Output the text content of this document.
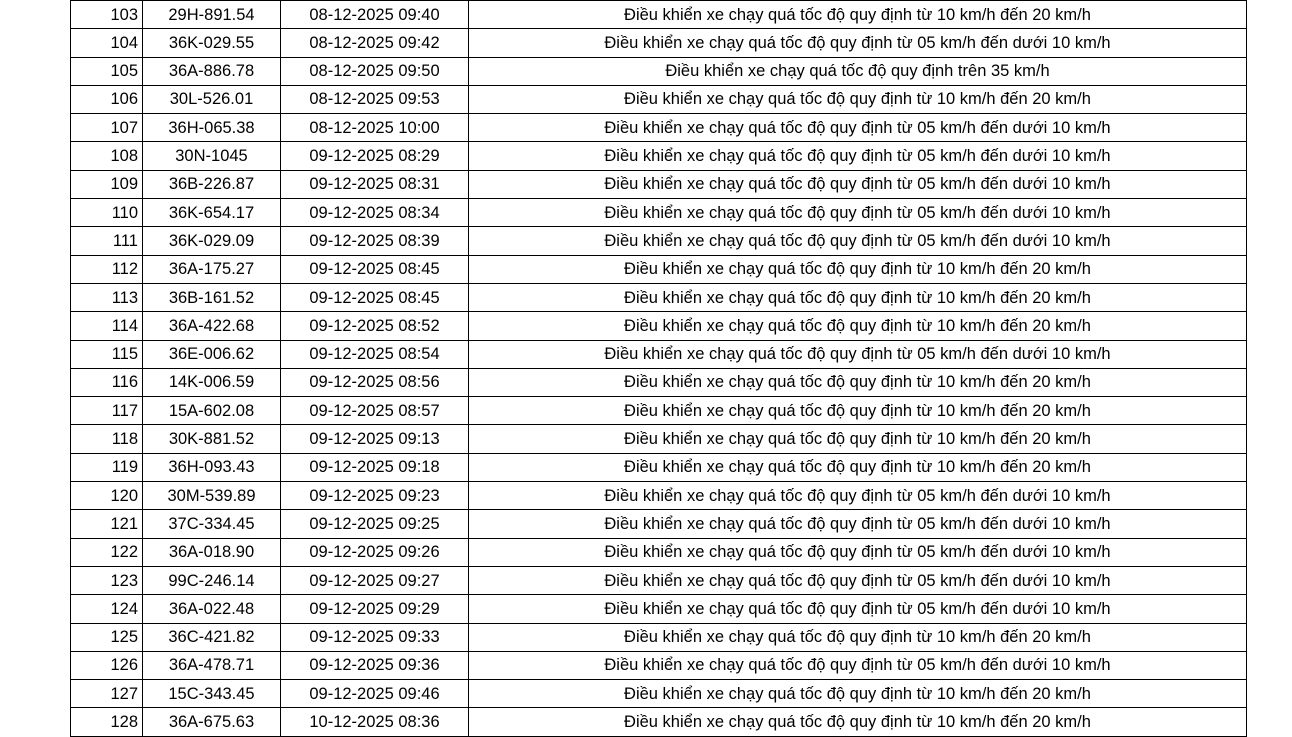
103	29H-891.54	08-12-2025 09:40	Điều khiển xe chạy quá tốc độ quy định từ 10 km/h đến 20 km/h
104	36K-029.55	08-12-2025 09:42	Điều khiển xe chạy quá tốc độ quy định từ 05 km/h đến dưới 10 km/h
105	36A-886.78	08-12-2025 09:50	Điều khiển xe chạy quá tốc độ quy định trên 35 km/h
106	30L-526.01	08-12-2025 09:53	Điều khiển xe chạy quá tốc độ quy định từ 10 km/h đến 20 km/h
107	36H-065.38	08-12-2025 10:00	Điều khiển xe chạy quá tốc độ quy định từ 05 km/h đến dưới 10 km/h
108	30N-1045	09-12-2025 08:29	Điều khiển xe chạy quá tốc độ quy định từ 05 km/h đến dưới 10 km/h
109	36B-226.87	09-12-2025 08:31	Điều khiển xe chạy quá tốc độ quy định từ 05 km/h đến dưới 10 km/h
110	36K-654.17	09-12-2025 08:34	Điều khiển xe chạy quá tốc độ quy định từ 05 km/h đến dưới 10 km/h
111	36K-029.09	09-12-2025 08:39	Điều khiển xe chạy quá tốc độ quy định từ 05 km/h đến dưới 10 km/h
112	36A-175.27	09-12-2025 08:45	Điều khiển xe chạy quá tốc độ quy định từ 10 km/h đến 20 km/h
113	36B-161.52	09-12-2025 08:45	Điều khiển xe chạy quá tốc độ quy định từ 10 km/h đến 20 km/h
114	36A-422.68	09-12-2025 08:52	Điều khiển xe chạy quá tốc độ quy định từ 10 km/h đến 20 km/h
115	36E-006.62	09-12-2025 08:54	Điều khiển xe chạy quá tốc độ quy định từ 05 km/h đến dưới 10 km/h
116	14K-006.59	09-12-2025 08:56	Điều khiển xe chạy quá tốc độ quy định từ 10 km/h đến 20 km/h
117	15A-602.08	09-12-2025 08:57	Điều khiển xe chạy quá tốc độ quy định từ 10 km/h đến 20 km/h
118	30K-881.52	09-12-2025 09:13	Điều khiển xe chạy quá tốc độ quy định từ 10 km/h đến 20 km/h
119	36H-093.43	09-12-2025 09:18	Điều khiển xe chạy quá tốc độ quy định từ 10 km/h đến 20 km/h
120	30M-539.89	09-12-2025 09:23	Điều khiển xe chạy quá tốc độ quy định từ 05 km/h đến dưới 10 km/h
121	37C-334.45	09-12-2025 09:25	Điều khiển xe chạy quá tốc độ quy định từ 05 km/h đến dưới 10 km/h
122	36A-018.90	09-12-2025 09:26	Điều khiển xe chạy quá tốc độ quy định từ 05 km/h đến dưới 10 km/h
123	99C-246.14	09-12-2025 09:27	Điều khiển xe chạy quá tốc độ quy định từ 05 km/h đến dưới 10 km/h
124	36A-022.48	09-12-2025 09:29	Điều khiển xe chạy quá tốc độ quy định từ 05 km/h đến dưới 10 km/h
125	36C-421.82	09-12-2025 09:33	Điều khiển xe chạy quá tốc độ quy định từ 10 km/h đến 20 km/h
126	36A-478.71	09-12-2025 09:36	Điều khiển xe chạy quá tốc độ quy định từ 05 km/h đến dưới 10 km/h
127	15C-343.45	09-12-2025 09:46	Điều khiển xe chạy quá tốc độ quy định từ 10 km/h đến 20 km/h
128	36A-675.63	10-12-2025 08:36	Điều khiển xe chạy quá tốc độ quy định từ 10 km/h đến 20 km/h
